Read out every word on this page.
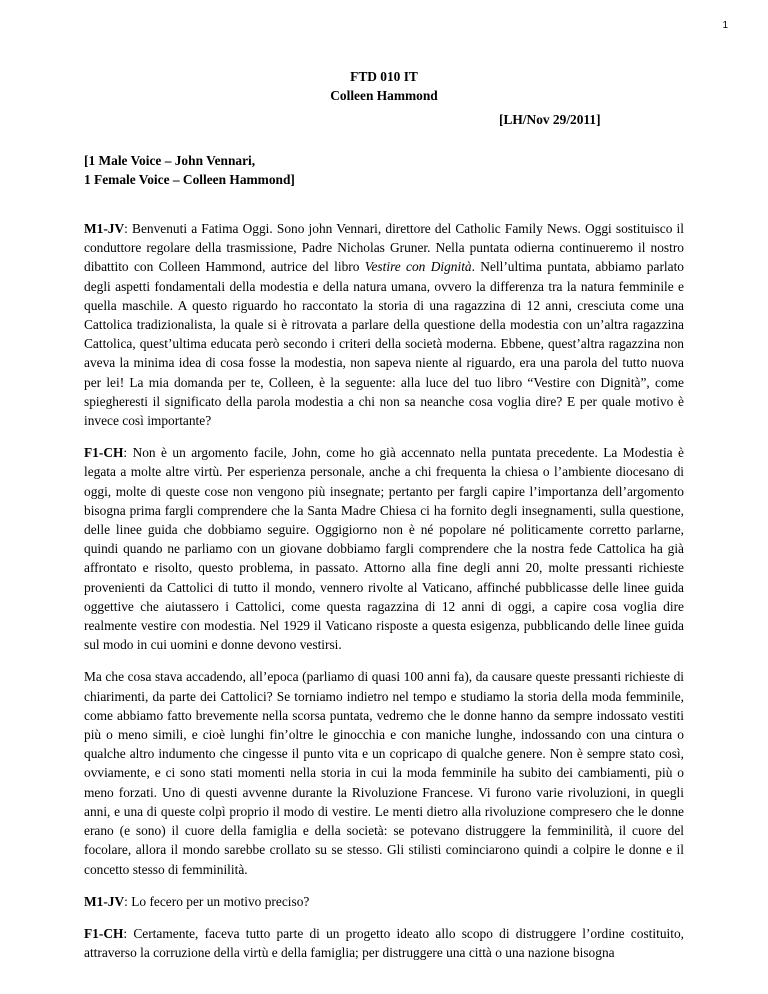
1
FTD 010 IT
Colleen Hammond
[LH/Nov 29/2011]
[1 Male Voice – John Vennari,
1 Female Voice – Colleen Hammond]

M1-JV: Benvenuti a Fatima Oggi. Sono john Vennari, direttore del Catholic Family News. Oggi sostituisco il conduttore regolare della trasmissione, Padre Nicholas Gruner. Nella puntata odierna continueremo il nostro dibattito con Colleen Hammond, autrice del libro Vestire con Dignità. Nell’ultima puntata, abbiamo parlato degli aspetti fondamentali della modestia e della natura umana, ovvero la differenza tra la natura femminile e quella maschile. A questo riguardo ho raccontato la storia di una ragazzina di 12 anni, cresciuta come una Cattolica tradizionalista, la quale si è ritrovata a parlare della questione della modestia con un’altra ragazzina Cattolica, quest’ultima educata però secondo i criteri della società moderna. Ebbene, quest’altra ragazzina non aveva la minima idea di cosa fosse la modestia, non sapeva niente al riguardo, era una parola del tutto nuova per lei! La mia domanda per te, Colleen, è la seguente: alla luce del tuo libro “Vestire con Dignità”, come spiegheresti il significato della parola modestia a chi non sa neanche cosa voglia dire? E per quale motivo è invece così importante?

F1-CH: Non è un argomento facile, John, come ho già accennato nella puntata precedente. La Modestia è legata a molte altre virtù. Per esperienza personale, anche a chi frequenta la chiesa o l’ambiente diocesano di oggi, molte di queste cose non vengono più insegnate; pertanto per fargli capire l’importanza dell’argomento bisogna prima fargli comprendere che la Santa Madre Chiesa ci ha fornito degli insegnamenti, sulla questione, delle linee guida che dobbiamo seguire. Oggigiorno non è né popolare né politicamente corretto parlarne, quindi quando ne parliamo con un giovane dobbiamo fargli comprendere che la nostra fede Cattolica ha già affrontato e risolto, questo problema, in passato. Attorno alla fine degli anni 20, molte pressanti richieste provenienti da Cattolici di tutto il mondo, vennero rivolte al Vaticano, affinché pubblicasse delle linee guida oggettive che aiutassero i Cattolici, come questa ragazzina di 12 anni di oggi, a capire cosa voglia dire realmente vestire con modestia. Nel 1929 il Vaticano risposte a questa esigenza, pubblicando delle linee guida sul modo in cui uomini e donne devono vestirsi.

Ma che cosa stava accadendo, all’epoca (parliamo di quasi 100 anni fa), da causare queste pressanti richieste di chiarimenti, da parte dei Cattolici? Se torniamo indietro nel tempo e studiamo la storia della moda femminile, come abbiamo fatto brevemente nella scorsa puntata, vedremo che le donne hanno da sempre indossato vestiti più o meno simili, e cioè lunghi fin’oltre le ginocchia e con maniche lunghe, indossando con una cintura o qualche altro indumento che cingesse il punto vita e un copricapo di qualche genere. Non è sempre stato così, ovviamente, e ci sono stati momenti nella storia in cui la moda femminile ha subito dei cambiamenti, più o meno forzati. Uno di questi avvenne durante la Rivoluzione Francese. Vi furono varie rivoluzioni, in quegli anni, e una di queste colpì proprio il modo di vestire. Le menti dietro alla rivoluzione compresero che le donne erano (e sono) il cuore della famiglia e della società: se potevano distruggere la femminilità, il cuore del focolare, allora il mondo sarebbe crollato su se stesso. Gli stilisti cominciarono quindi a colpire le donne e il concetto stesso di femminilità.

M1-JV: Lo fecero per un motivo preciso?

F1-CH: Certamente, faceva tutto parte di un progetto ideato allo scopo di distruggere l’ordine costituito, attraverso la corruzione della virtù e della famiglia; per distruggere una città o una nazione bisogna
